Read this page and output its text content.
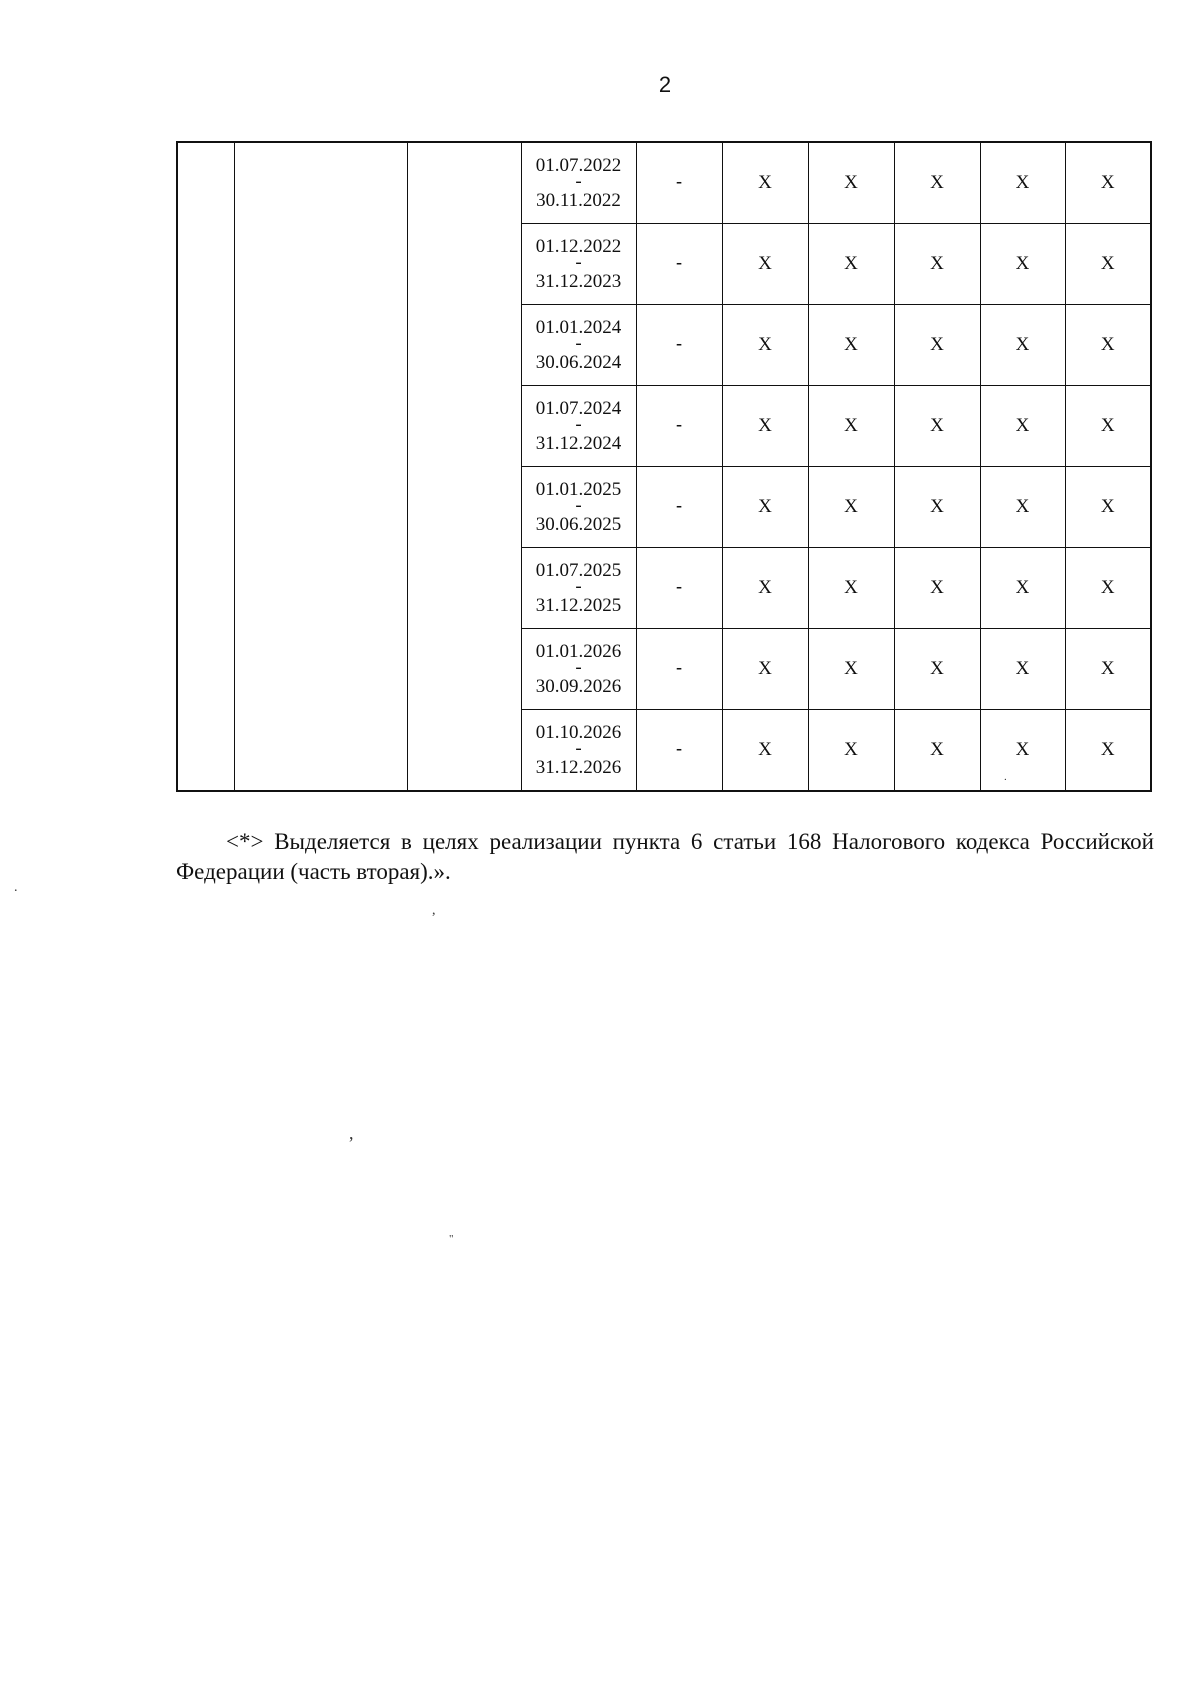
2

			01.07.2022
-
30.11.2022	-	X	X	X	X	X

			01.12.2022
-
31.12.2023	-	X	X	X	X	X

			01.01.2024
-
30.06.2024	-	X	X	X	X	X

			01.07.2024
-
31.12.2024	-	X	X	X	X	X

			01.01.2025
-
30.06.2025	-	X	X	X	X	X

			01.07.2025
-
31.12.2025	-	X	X	X	X	X

			01.01.2026
-
30.09.2026	-	X	X	X	X	X

			01.10.2026
-
31.12.2026	-	X	X	X	X	X
<*> Выделяется в целях реализации пункта 6 статьи 168 Налогового кодекса Российской Федерации (часть вторая).».
.
,
,
"
.
